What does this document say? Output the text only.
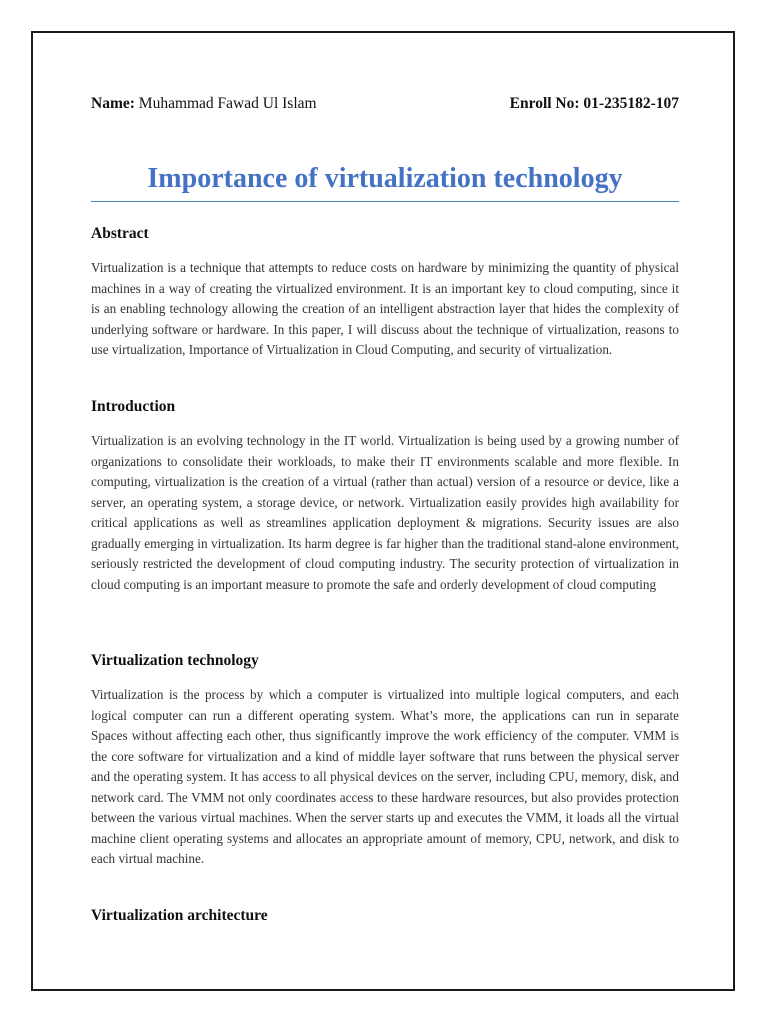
Name: Muhammad Fawad Ul Islam	Enroll No: 01-235182-107
Importance of virtualization technology
Abstract

Virtualization is a technique that attempts to reduce costs on hardware by minimizing the quantity of physical machines in a way of creating the virtualized environment. It is an important key to cloud computing, since it is an enabling technology allowing the creation of an intelligent abstraction layer that hides the complexity of underlying software or hardware. In this paper, I will discuss about the technique of virtualization, reasons to use virtualization, Importance of Virtualization in Cloud Computing, and security of virtualization.

Introduction

Virtualization is an evolving technology in the IT world. Virtualization is being used by a growing number of organizations to consolidate their workloads, to make their IT environments scalable and more flexible. In computing, virtualization is the creation of a virtual (rather than actual) version of a resource or device, like a server, an operating system, a storage device, or network. Virtualization easily provides high availability for critical applications as well as streamlines application deployment & migrations. Security issues are also gradually emerging in virtualization. Its harm degree is far higher than the traditional stand-alone environment, seriously restricted the development of cloud computing industry. The security protection of virtualization in cloud computing is an important measure to promote the safe and orderly development of cloud computing

Virtualization technology

Virtualization is the process by which a computer is virtualized into multiple logical computers, and each logical computer can run a different operating system. What’s more, the applications can run in separate Spaces without affecting each other, thus significantly improve the work efficiency of the computer. VMM is the core software for virtualization and a kind of middle layer software that runs between the physical server and the operating system. It has access to all physical devices on the server, including CPU, memory, disk, and network card. The VMM not only coordinates access to these hardware resources, but also provides protection between the various virtual machines. When the server starts up and executes the VMM, it loads all the virtual machine client operating systems and allocates an appropriate amount of memory, CPU, network, and disk to each virtual machine.

Virtualization architecture
